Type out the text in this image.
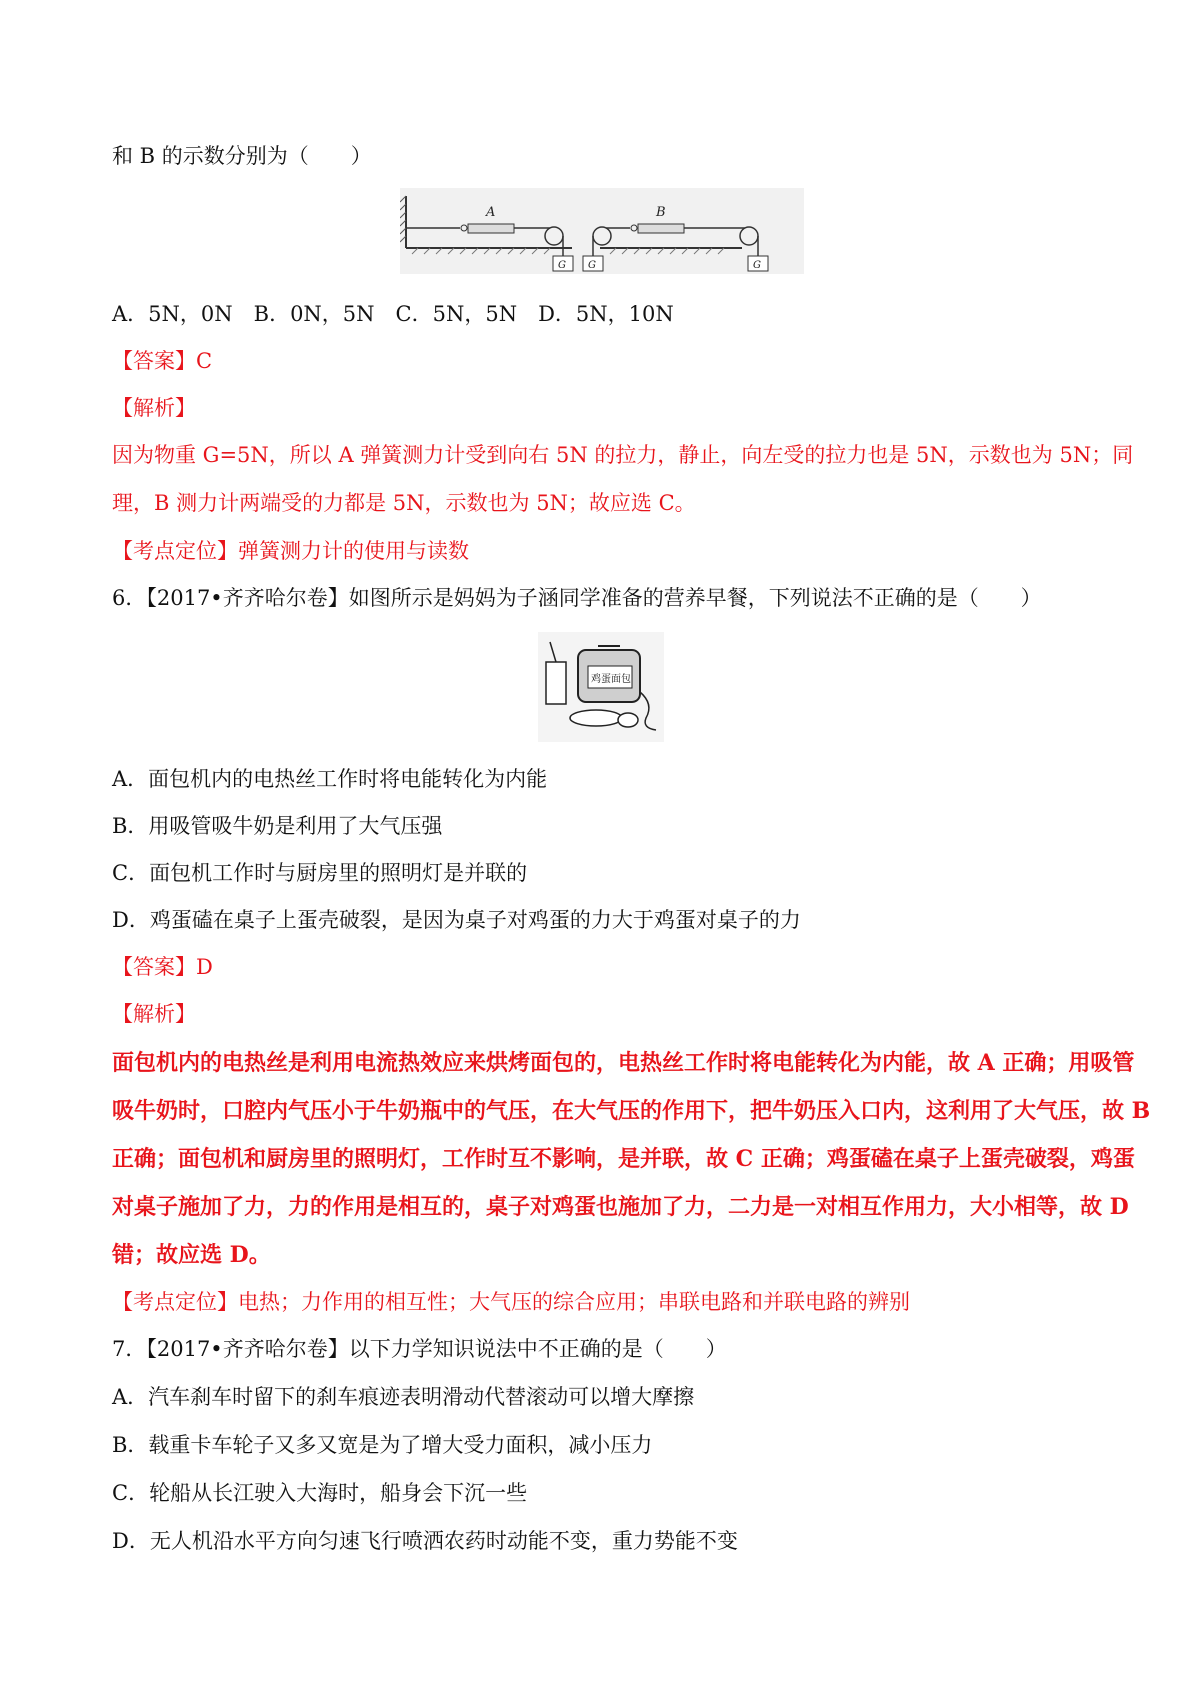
和 B 的示数分别为（　　）
A
G G
B
G
A．5N，0N　B．0N，5N　C．5N，5N　D．5N，10N
【答案】C
【解析】
因为物重 G=5N，所以 A 弹簧测力计受到向右 5N 的拉力，静止，向左受的拉力也是 5N，示数也为 5N；同
理，B 测力计两端受的力都是 5N，示数也为 5N；故应选 C。
【考点定位】弹簧测力计的使用与读数
6．【2017•齐齐哈尔卷】如图所示是妈妈为子涵同学准备的营养早餐，下列说法不正确的是（　　）
鸡蛋面包
A．面包机内的电热丝工作时将电能转化为内能
B．用吸管吸牛奶是利用了大气压强
C．面包机工作时与厨房里的照明灯是并联的
D．鸡蛋磕在桌子上蛋壳破裂，是因为桌子对鸡蛋的力大于鸡蛋对桌子的力
【答案】D
【解析】
面包机内的电热丝是利用电流热效应来烘烤面包的，电热丝工作时将电能转化为内能，故 A 正确；用吸管
吸牛奶时，口腔内气压小于牛奶瓶中的气压，在大气压的作用下，把牛奶压入口内，这利用了大气压，故 B
正确；面包机和厨房里的照明灯，工作时互不影响，是并联，故 C 正确；鸡蛋磕在桌子上蛋壳破裂，鸡蛋
对桌子施加了力，力的作用是相互的，桌子对鸡蛋也施加了力，二力是一对相互作用力，大小相等，故 D
错；故应选 D。
【考点定位】电热；力作用的相互性；大气压的综合应用；串联电路和并联电路的辨别
7．【2017•齐齐哈尔卷】以下力学知识说法中不正确的是（　　）
A．汽车刹车时留下的刹车痕迹表明滑动代替滚动可以增大摩擦
B．载重卡车轮子又多又宽是为了增大受力面积，减小压力
C．轮船从长江驶入大海时，船身会下沉一些
D．无人机沿水平方向匀速飞行喷洒农药时动能不变，重力势能不变
